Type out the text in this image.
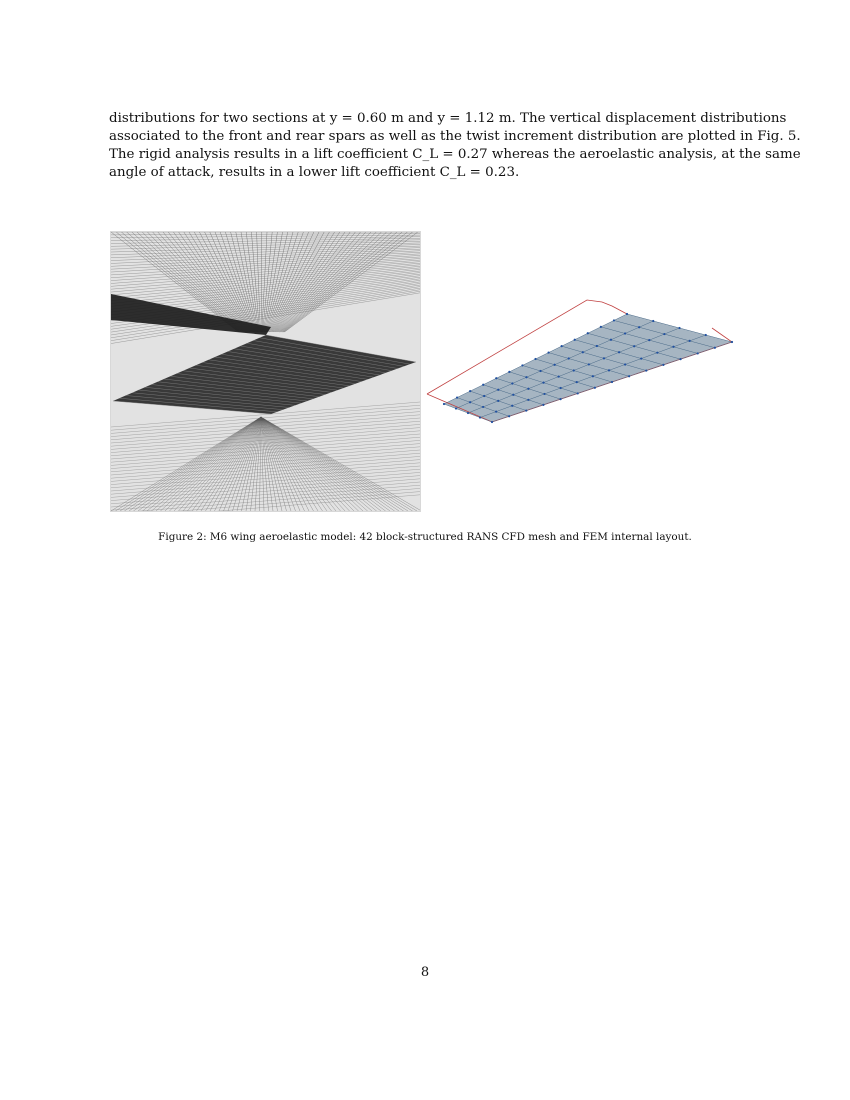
distributions for two sections at y = 0.60 m and y = 1.12 m. The vertical displacement distributions
associated to the front and rear spars as well as the twist increment distribution are plotted in Fig. 5.
The rigid analysis results in a lift coefficient C_L = 0.27 whereas the aeroelastic analysis, at the same
angle of attack, results in a lower lift coefficient C_L = 0.23.
Figure 2: M6 wing aeroelastic model: 42 block-structured RANS CFD mesh and FEM internal layout.
8
